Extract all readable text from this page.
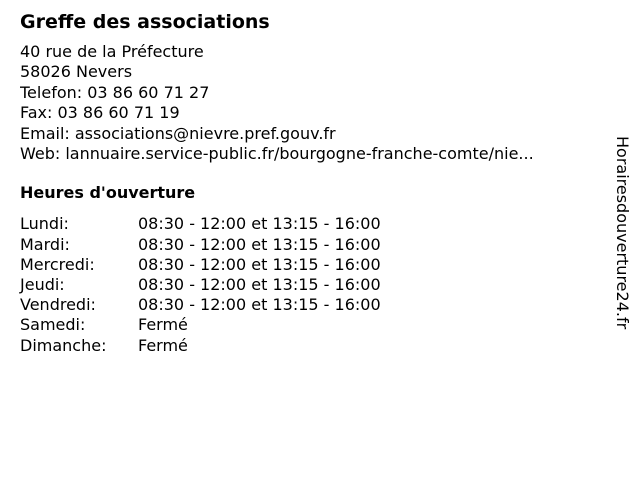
Greffe des associations
40 rue de la Préfecture
58026 Nevers
Telefon: 03 86 60 71 27
Fax: 03 86 60 71 19
Email: associations@nievre.pref.gouv.fr
Web: lannuaire.service-public.fr/bourgogne-franche-comte/nie...
Heures d'ouverture
Lundi:	08:30 - 12:00 et 13:15 - 16:00
Mardi:	08:30 - 12:00 et 13:15 - 16:00
Mercredi:	08:30 - 12:00 et 13:15 - 16:00
Jeudi:	08:30 - 12:00 et 13:15 - 16:00
Vendredi:	08:30 - 12:00 et 13:15 - 16:00
Samedi:	Fermé
Dimanche:	Fermé
Horairesdouverture24.fr
